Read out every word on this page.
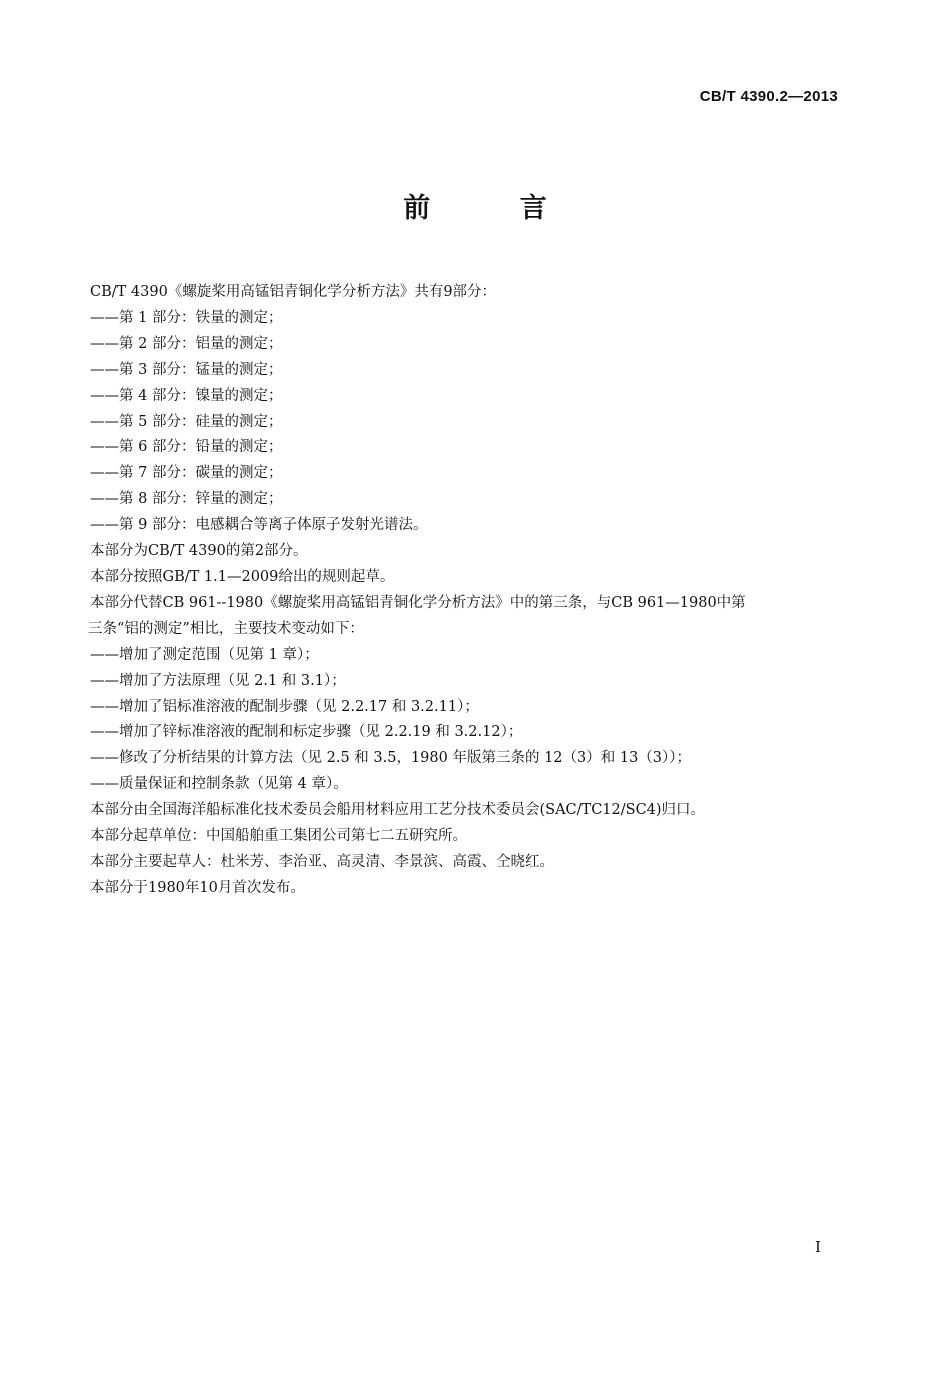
CB/T 4390.2—2013
前 言

CB/T 4390《螺旋桨用高锰铝青铜化学分析方法》共有9部分：

——第 1 部分：铁量的测定；

——第 2 部分：铝量的测定；

——第 3 部分：锰量的测定；

——第 4 部分：镍量的测定；

——第 5 部分：硅量的测定；

——第 6 部分：铅量的测定；

——第 7 部分：碳量的测定；

——第 8 部分：锌量的测定；

——第 9 部分：电感耦合等离子体原子发射光谱法。

本部分为CB/T 4390的第2部分。

本部分按照GB/T 1.1—2009给出的规则起草。

本部分代替CB 961--1980《螺旋桨用高锰铝青铜化学分析方法》中的第三条，与CB 961—1980中第

三条“铝的测定”相比，主要技术变动如下：

——增加了测定范围（见第 1 章）；

——增加了方法原理（见 2.1 和 3.1）；

——增加了铝标准溶液的配制步骤（见 2.2.17 和 3.2.11）；

——增加了锌标准溶液的配制和标定步骤（见 2.2.19 和 3.2.12）；

——修改了分析结果的计算方法（见 2.5 和 3.5，1980 年版第三条的 12（3）和 13（3））；

——质量保证和控制条款（见第 4 章）。

本部分由全国海洋船标准化技术委员会船用材料应用工艺分技术委员会(SAC/TC12/SC4)归口。

本部分起草单位：中国船舶重工集团公司第七二五研究所。

本部分主要起草人：杜米芳、李治亚、高灵清、李景滨、高霞、仝晓红。

本部分于1980年10月首次发布。

I
